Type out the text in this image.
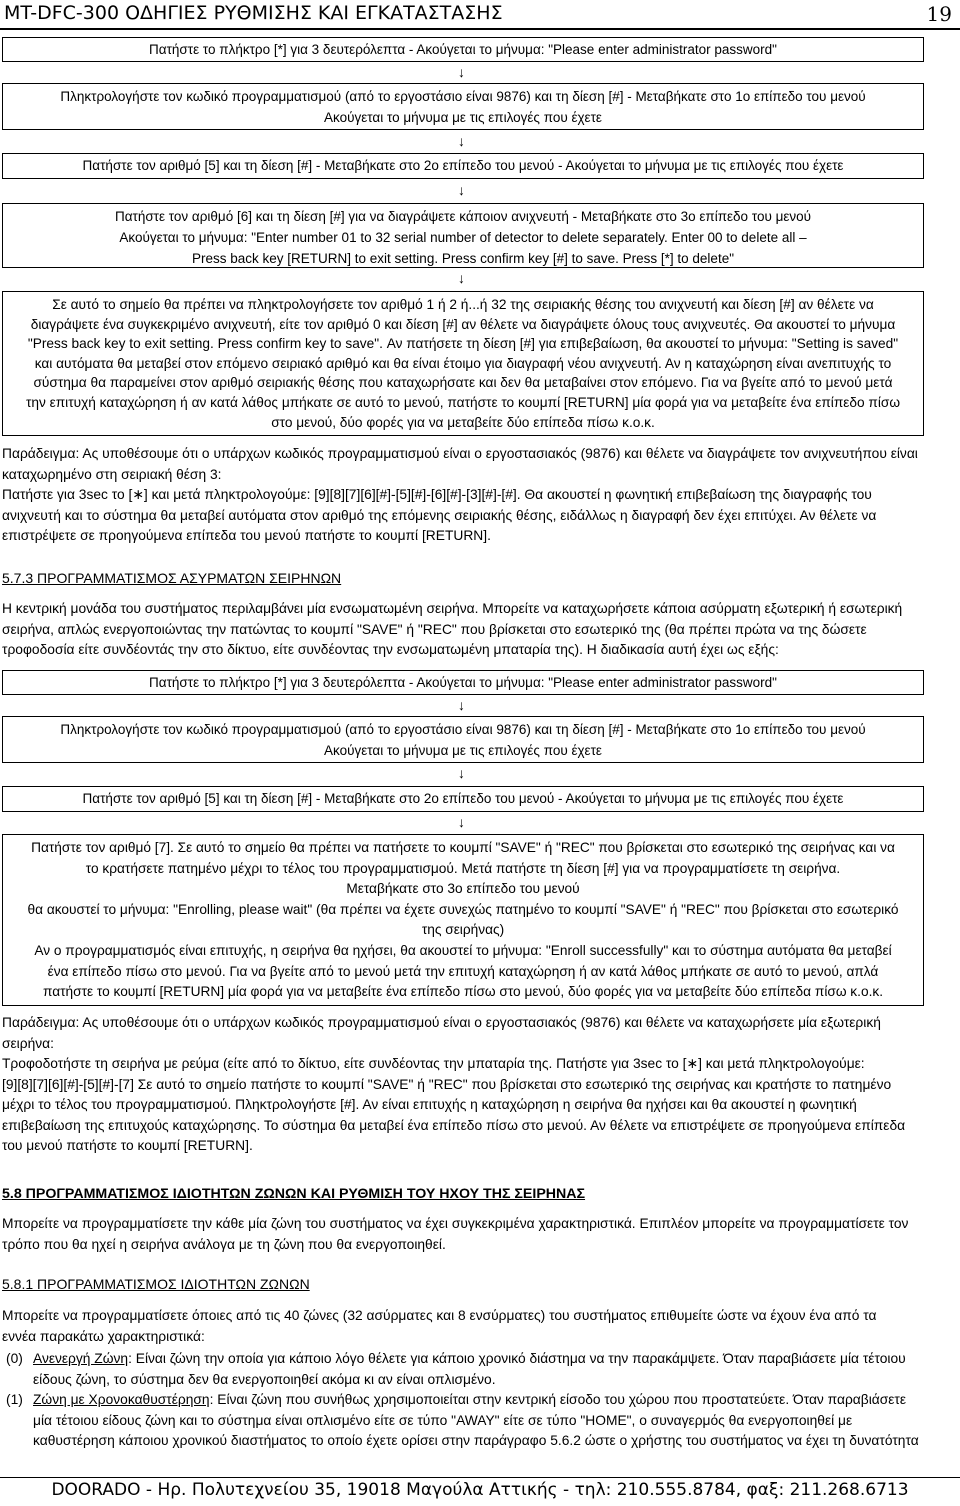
MT-DFC-300 ΟΔΗΓΙΕΣ ΡΥΘΜΙΣΗΣ ΚΑΙ ΕΓΚΑΤΑΣΤΑΣΗΣ	19
Πατήστε το πλήκτρο [*] για 3 δευτερόλεπτα - Ακούγεται το μήνυμα: "Please enter administrator password"
↓
Πληκτρολογήστε τον κωδικό προγραμματισμού (από το εργοστάσιο είναι 9876) και τη δίεση [#] - Μεταβήκατε στο 1ο επίπεδο του μενού
Ακούγεται το μήνυμα με τις επιλογές που έχετε
↓
Πατήστε τον αριθμό [5] και τη δίεση [#] - Μεταβήκατε στο 2ο επίπεδο του μενού - Ακούγεται το μήνυμα με τις επιλογές που έχετε
↓
Πατήστε τον αριθμό [6] και τη δίεση [#] για να διαγράψετε κάποιον ανιχνευτή - Μεταβήκατε στο 3ο επίπεδο του μενού
Ακούγεται το μήνυμα: "Enter number 01 to 32 serial number of detector to delete separately. Enter 00 to delete all –
Press back key [RETURN] to exit setting. Press confirm key [#] to save. Press [*] to delete"
↓
Σε αυτό το σημείο θα πρέπει να πληκτρολογήσετε τον αριθμό 1 ή 2 ή...ή 32 της σειριακής θέσης του ανιχνευτή και δίεση [#] αν θέλετε να
διαγράψετε ένα συγκεκριμένο ανιχνευτή, είτε τον αριθμό 0 και δίεση [#] αν θέλετε να διαγράψετε όλους τους ανιχνευτές. Θα ακουστεί το μήνυμα
"Press back key to exit setting. Press confirm key to save". Αν πατήσετε τη δίεση [#] για επιβεβαίωση, θα ακουστεί το μήνυμα: "Setting is saved"
και αυτόματα θα μεταβεί στον επόμενο σειριακό αριθμό και θα είναι έτοιμο για διαγραφή νέου ανιχνευτή. Αν η καταχώρηση είναι ανεπιτυχής το
σύστημα θα παραμείνει στον αριθμό σειριακής θέσης που καταχωρήσατε και δεν θα μεταβαίνει στον επόμενο. Για να βγείτε από το μενού μετά
την επιτυχή καταχώρηση ή αν κατά λάθος μπήκατε σε αυτό το μενού, πατήστε το κουμπί [RETURN] μία φορά για να μεταβείτε ένα επίπεδο πίσω
στο μενού, δύο φορές για να μεταβείτε δύο επίπεδα πίσω κ.ο.κ.
Παράδειγμα: Ας υποθέσουμε ότι ο υπάρχων κωδικός προγραμματισμού είναι ο εργοστασιακός (9876) και θέλετε να διαγράψετε τον ανιχνευτήπου είναι
καταχωρημένο στη σειριακή θέση 3:
Πατήστε για 3sec το [∗] και μετά πληκτρολογούμε: [9][8][7][6][#]-[5][#]-[6][#]-[3][#]-[#]. Θα ακουστεί η φωνητική επιβεβαίωση της διαγραφής του
ανιχνευτή και το σύστημα θα μεταβεί αυτόματα στον αριθμό της επόμενης σειριακής θέσης, ειδάλλως η διαγραφή δεν έχει επιτύχει. Αν θέλετε να
επιστρέψετε σε προηγούμενα επίπεδα του μενού πατήστε το κουμπί [RETURN].
5.7.3 ΠΡΟΓΡΑΜΜΑΤΙΣΜΟΣ ΑΣΥΡΜΑΤΩΝ ΣΕΙΡΗΝΩΝ
Η κεντρική μονάδα του συστήματος περιλαμβάνει μία ενσωματωμένη σειρήνα. Μπορείτε να καταχωρήσετε κάποια ασύρματη εξωτερική ή εσωτερική
σειρήνα, απλώς ενεργοποιώντας την πατώντας το κουμπί "SAVE" ή "REC" που βρίσκεται στο εσωτερικό της (θα πρέπει πρώτα να της δώσετε
τροφοδοσία είτε συνδέοντάς την στο δίκτυο, είτε συνδέοντας την ενσωματωμένη μπαταρία της). Η διαδικασία αυτή έχει ως εξής:
Πατήστε το πλήκτρο [*] για 3 δευτερόλεπτα - Ακούγεται το μήνυμα: "Please enter administrator password"
↓
Πληκτρολογήστε τον κωδικό προγραμματισμού (από το εργοστάσιο είναι 9876) και τη δίεση [#] - Μεταβήκατε στο 1ο επίπεδο του μενού
Ακούγεται το μήνυμα με τις επιλογές που έχετε
↓
Πατήστε τον αριθμό [5] και τη δίεση [#] - Μεταβήκατε στο 2ο επίπεδο του μενού - Ακούγεται το μήνυμα με τις επιλογές που έχετε
↓
Πατήστε τον αριθμό [7]. Σε αυτό το σημείο θα πρέπει να πατήσετε το κουμπί "SAVE" ή "REC" που βρίσκεται στο εσωτερικό της σειρήνας και να
το κρατήσετε πατημένο μέχρι το τέλος του προγραμματισμού. Μετά πατήστε τη δίεση [#] για να προγραμματίσετε τη σειρήνα.
Μεταβήκατε στο 3ο επίπεδο του μενού
θα ακουστεί το μήνυμα: "Enrolling, please wait" (θα πρέπει να έχετε συνεχώς πατημένο το κουμπί "SAVE" ή "REC" που βρίσκεται στο εσωτερικό
της σειρήνας)
Αν ο προγραμματισμός είναι επιτυχής, η σειρήνα θα ηχήσει, θα ακουστεί το μήνυμα: "Enroll successfully" και το σύστημα αυτόματα θα μεταβεί
ένα επίπεδο πίσω στο μενού. Για να βγείτε από το μενού μετά την επιτυχή καταχώρηση ή αν κατά λάθος μπήκατε σε αυτό το μενού, απλά
πατήστε το κουμπί [RETURN] μία φορά για να μεταβείτε ένα επίπεδο πίσω στο μενού, δύο φορές για να μεταβείτε δύο επίπεδα πίσω κ.ο.κ.
Παράδειγμα: Ας υποθέσουμε ότι ο υπάρχων κωδικός προγραμματισμού είναι ο εργοστασιακός (9876) και θέλετε να καταχωρήσετε μία εξωτερική
σειρήνα:
Τροφοδοτήστε τη σειρήνα με ρεύμα (είτε από το δίκτυο, είτε συνδέοντας την μπαταρία της. Πατήστε για 3sec το [∗] και μετά πληκτρολογούμε:
[9][8][7][6][#]-[5][#]-[7] Σε αυτό το σημείο πατήστε το κουμπί "SAVE" ή "REC" που βρίσκεται στο εσωτερικό της σειρήνας και κρατήστε το πατημένο
μέχρι το τέλος του προγραμματισμού. Πληκτρολογήστε [#]. Αν είναι επιτυχής η καταχώρηση η σειρήνα θα ηχήσει και θα ακουστεί η φωνητική
επιβεβαίωση της επιτυχούς καταχώρησης. Το σύστημα θα μεταβεί ένα επίπεδο πίσω στο μενού. Αν θέλετε να επιστρέψετε σε προηγούμενα επίπεδα
του μενού πατήστε το κουμπί [RETURN].
5.8 ΠΡΟΓΡΑΜΜΑΤΙΣΜΟΣ ΙΔΙΟΤΗΤΩΝ ΖΩΝΩΝ ΚΑΙ ΡΥΘΜΙΣΗ ΤΟΥ ΗΧΟΥ ΤΗΣ ΣΕΙΡΗΝΑΣ
Μπορείτε να προγραμματίσετε την κάθε μία ζώνη του συστήματος να έχει συγκεκριμένα χαρακτηριστικά. Επιπλέον μπορείτε να προγραμματίσετε τον
τρόπο που θα ηχεί η σειρήνα ανάλογα με τη ζώνη που θα ενεργοποιηθεί.
5.8.1 ΠΡΟΓΡΑΜΜΑΤΙΣΜΟΣ ΙΔΙΟΤΗΤΩΝ ΖΩΝΩΝ
Μπορείτε να προγραμματίσετε όποιες από τις 40 ζώνες (32 ασύρματες και 8 ενσύρματες) του συστήματος επιθυμείτε ώστε να έχουν ένα από τα
εννέα παρακάτω χαρακτηριστικά:
(0) Ανενεργή Ζώνη: Είναι ζώνη την οποία για κάποιο λόγο θέλετε για κάποιο χρονικό διάστημα να την παρακάμψετε. Όταν παραβιάσετε μία τέτοιου
είδους ζώνη, το σύστημα δεν θα ενεργοποιηθεί ακόμα κι αν είναι οπλισμένο.
(1) Ζώνη με Χρονοκαθυστέρηση: Είναι ζώνη που συνήθως χρησιμοποιείται στην κεντρική είσοδο του χώρου που προστατεύετε. Όταν παραβιάσετε
μία τέτοιου είδους ζώνη και το σύστημα είναι οπλισμένο είτε σε τύπο "AWAY" είτε σε τύπο "HOME", ο συναγερμός θα ενεργοποιηθεί με
καθυστέρηση κάποιου χρονικού διαστήματος το οποίο έχετε ορίσει στην παράγραφο 5.6.2 ώστε ο χρήστης του συστήματος να έχει τη δυνατότητα
DOORADO - Ηρ. Πολυτεχνείου 35, 19018 Μαγούλα Αττικής - τηλ: 210.555.8784, φαξ: 211.268.6713
